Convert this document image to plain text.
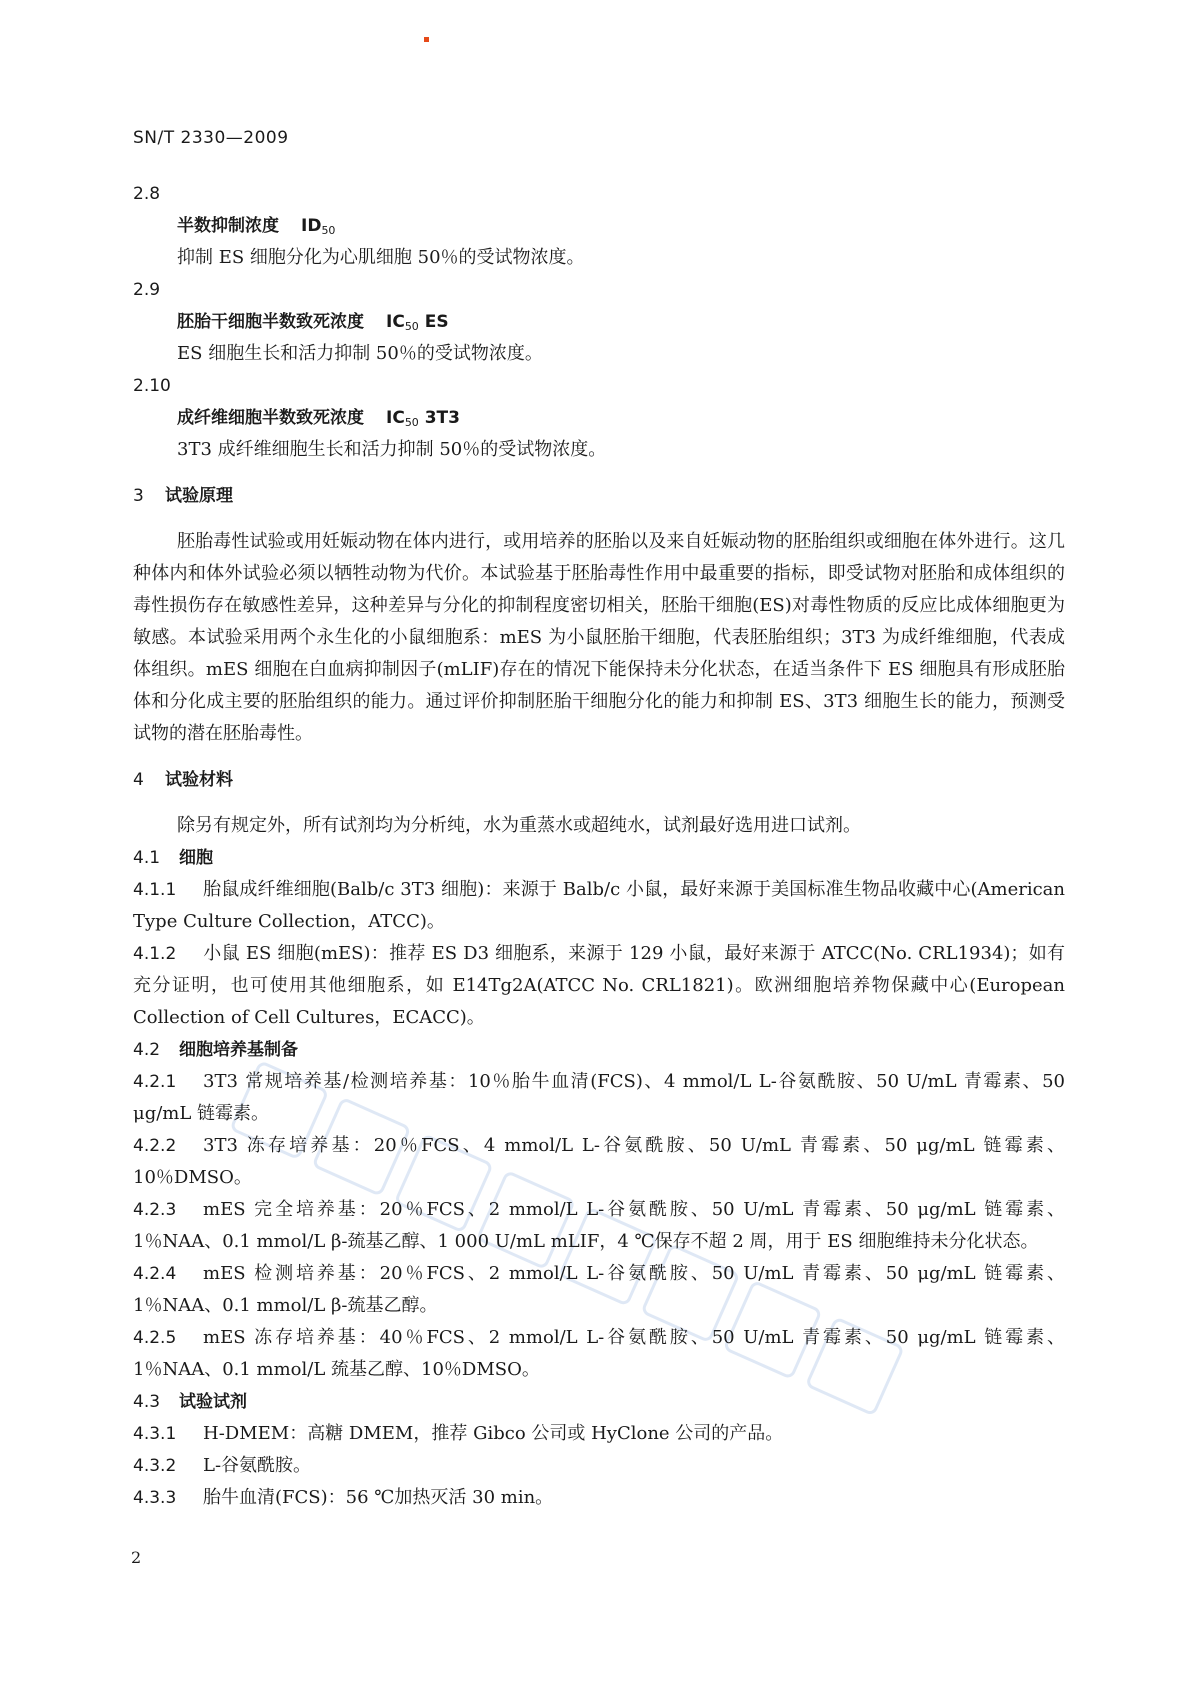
SN/T 2330—2009
2.8
半数抑制浓度 $ID_{50}$
抑制 ES 细胞分化为心肌细胞 50％的受试物浓度。
2.9
胚胎干细胞半数致死浓度 $IC_{50}$ ES
ES 细胞生长和活力抑制 50％的受试物浓度。
2.10
成纤维细胞半数致死浓度 $IC_{50}$ 3T3
3T3 成纤维细胞生长和活力抑制 50％的受试物浓度。
3 试验原理
胚胎毒性试验或用妊娠动物在体内进行，或用培养的胚胎以及来自妊娠动物的胚胎组织或细胞在体外进行。这几种体内和体外试验必须以牺牲动物为代价。本试验基于胚胎毒性作用中最重要的指标，即受试物对胚胎和成体组织的毒性损伤存在敏感性差异，这种差异与分化的抑制程度密切相关，胚胎干细胞(ES)对毒性物质的反应比成体细胞更为敏感。本试验采用两个永生化的小鼠细胞系：mES 为小鼠胚胎干细胞，代表胚胎组织；3T3 为成纤维细胞，代表成体组织。mES 细胞在白血病抑制因子(mLIF)存在的情况下能保持未分化状态，在适当条件下 ES 细胞具有形成胚胎体和分化成主要的胚胎组织的能力。通过评价抑制胚胎干细胞分化的能力和抑制 ES、3T3 细胞生长的能力，预测受试物的潜在胚胎毒性。
4 试验材料
除另有规定外，所有试剂均为分析纯，水为重蒸水或超纯水，试剂最好选用进口试剂。
4.1 细胞
4.1.1 胎鼠成纤维细胞(Balb/c 3T3 细胞)：来源于 Balb/c 小鼠，最好来源于美国标准生物品收藏中心(American Type Culture Collection，ATCC)。
4.1.2 小鼠 ES 细胞(mES)：推荐 ES D3 细胞系，来源于 129 小鼠，最好来源于 ATCC(No. CRL1934)；如有充分证明，也可使用其他细胞系，如 E14Tg2A(ATCC No. CRL1821)。欧洲细胞培养物保藏中心(European Collection of Cell Cultures，ECACC)。
4.2 细胞培养基制备
4.2.1 3T3 常规培养基/检测培养基：10％胎牛血清(FCS)、4 mmol/L L-谷氨酰胺、50 U/mL 青霉素、50 μg/mL 链霉素。
4.2.2 3T3 冻存培养基：20％FCS、4 mmol/L L-谷氨酰胺、50 U/mL 青霉素、50 μg/mL 链霉素、10％DMSO。
4.2.3 mES 完全培养基：20％FCS、2 mmol/L L-谷氨酰胺、50 U/mL 青霉素、50 μg/mL 链霉素、1％NAA、0.1 mmol/L β-巯基乙醇、1 000 U/mL mLIF，4 ℃保存不超 2 周，用于 ES 细胞维持未分化状态。
4.2.4 mES 检测培养基：20％FCS、2 mmol/L L-谷氨酰胺、50 U/mL 青霉素、50 μg/mL 链霉素、1％NAA、0.1 mmol/L β-巯基乙醇。
4.2.5 mES 冻存培养基：40％FCS、2 mmol/L L-谷氨酰胺、50 U/mL 青霉素、50 μg/mL 链霉素、1％NAA、0.1 mmol/L 巯基乙醇、10％DMSO。
4.3 试验试剂
4.3.1 H-DMEM：高糖 DMEM，推荐 Gibco 公司或 HyClone 公司的产品。
4.3.2 L-谷氨酰胺。
4.3.3 胎牛血清(FCS)：56 ℃加热灭活 30 min。
2
